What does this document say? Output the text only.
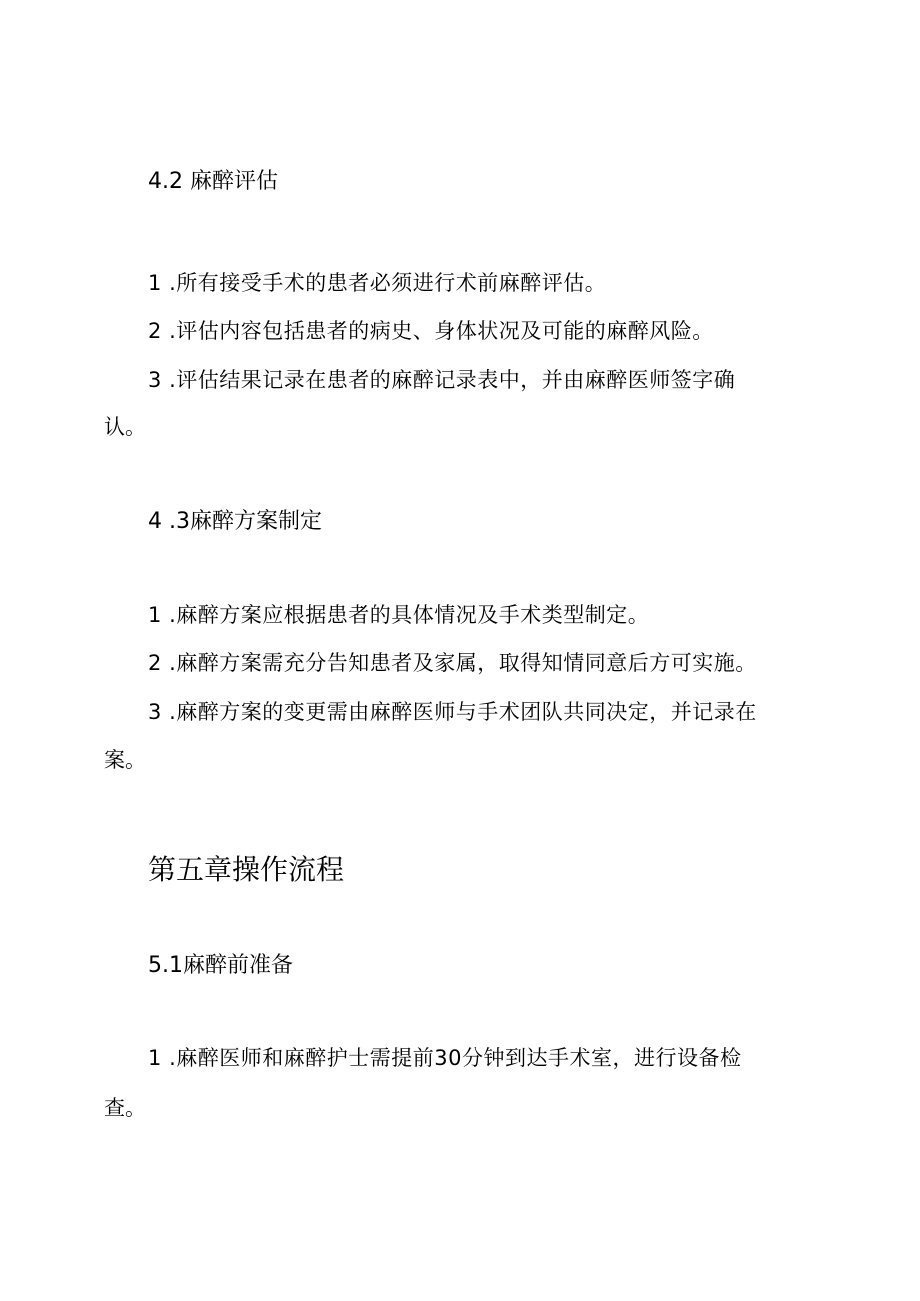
4.2 麻醉评估
1 .所有接受手术的患者必须进行术前麻醉评估。
2 .评估内容包括患者的病史、身体状况及可能的麻醉风险。
3 .评估结果记录在患者的麻醉记录表中，并由麻醉医师签字确
认。
4 .3麻醉方案制定
1 .麻醉方案应根据患者的具体情况及手术类型制定。
2 .麻醉方案需充分告知患者及家属，取得知情同意后方可实施。
3 .麻醉方案的变更需由麻醉医师与手术团队共同决定，并记录在
案。
第五章操作流程
5.1麻醉前准备
1 .麻醉医师和麻醉护士需提前30分钟到达手术室，进行设备检
查。
